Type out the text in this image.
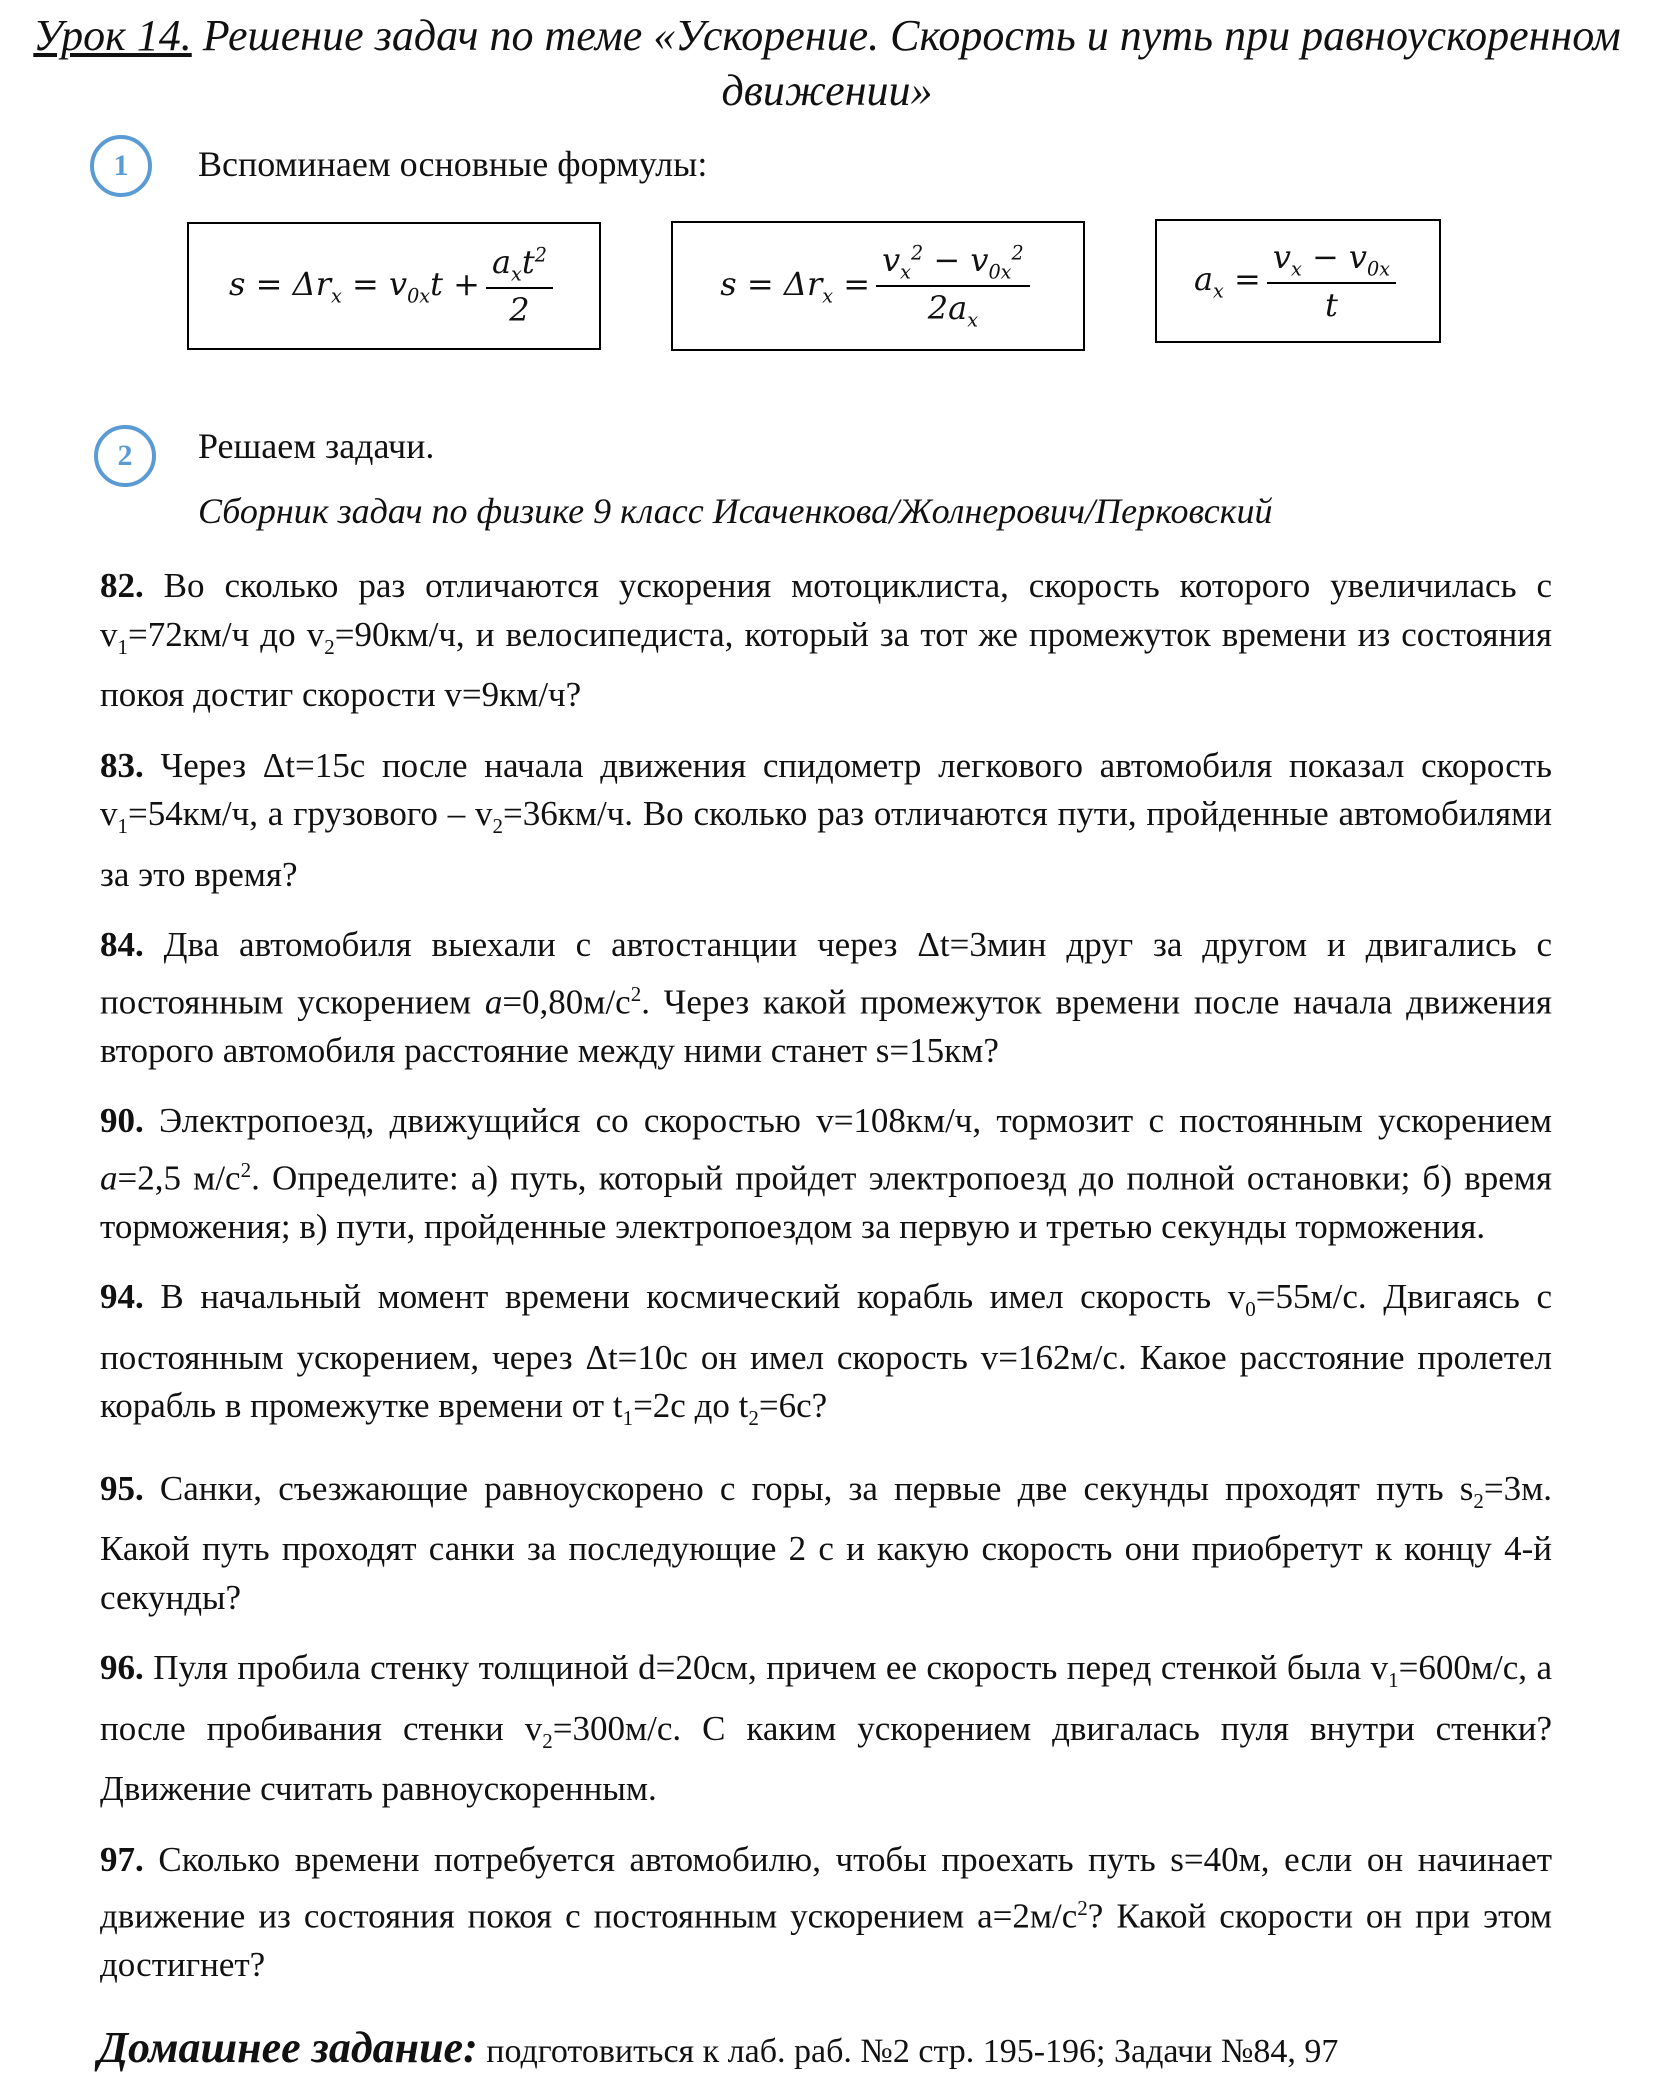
Урок 14. Решение задач по теме «Ускорение. Скорость и путь при равноускоренном движении»
1 Вспоминаем основные формулы:
$s = \Delta r_x = v_{0x}t + \frac{a_xt^2}{2}$	$s = \Delta r_x = \frac{v_x^2 - v_{0x}^2}{2a_x}$	$a_x = \frac{v_x - v_{0x}}{t}$
2 Решаем задачи.
Сборник задач по физике 9 класс Исаченкова/Жолнерович/Перковский

82. Во сколько раз отличаются ускорения мотоциклиста, скорость которого увеличилась с $v_1=72км/ч$ до $v_2=90км/ч$, и велосипедиста, который за тот же промежуток времени из состояния покоя достиг скорости v=9км/ч?

83. Через Δt=15с после начала движения спидометр легкового автомобиля показал скорость $v_1=54км/ч$, а грузового – $v_2=36км/ч$. Во сколько раз отличаются пути, пройденные автомобилями за это время?

84. Два автомобиля выехали с автостанции через Δt=3мин друг за другом и двигались с постоянным ускорением $a=0,80м/с^2$. Через какой промежуток времени после начала движения второго автомобиля расстояние между ними станет s=15км?

90. Электропоезд, движущийся со скоростью v=108км/ч, тормозит с постоянным ускорением a=2,5 $м/с^2$. Определите: а) путь, который пройдет электропоезд до полной остановки; б) время торможения; в) пути, пройденные электропоездом за первую и третью секунды торможения.

94. В начальный момент времени космический корабль имел скорость $v_0=55м/с$. Двигаясь с постоянным ускорением, через Δt=10с он имел скорость v=162м/с. Какое расстояние пролетел корабль в промежутке времени от $t_1=2с$ до $t_2=6с$?

95. Санки, съезжающие равноускорено с горы, за первые две секунды проходят путь $s_2=3м$. Какой путь проходят санки за последующие 2 с и какую скорость они приобретут к концу 4-й секунды?

96. Пуля пробила стенку толщиной d=20см, причем ее скорость перед стенкой была $v_1=600м/с$, а после пробивания стенки $v_2=300м/с$. С каким ускорением двигалась пуля внутри стенки? Движение считать равноускоренным.

97. Сколько времени потребуется автомобилю, чтобы проехать путь s=40м, если он начинает движение из состояния покоя с постоянным ускорением $a=2м/с^2$? Какой скорости он при этом достигнет?

Домашнее задание: подготовиться к лаб. раб. №2 стр. 195-196; Задачи №84, 97
